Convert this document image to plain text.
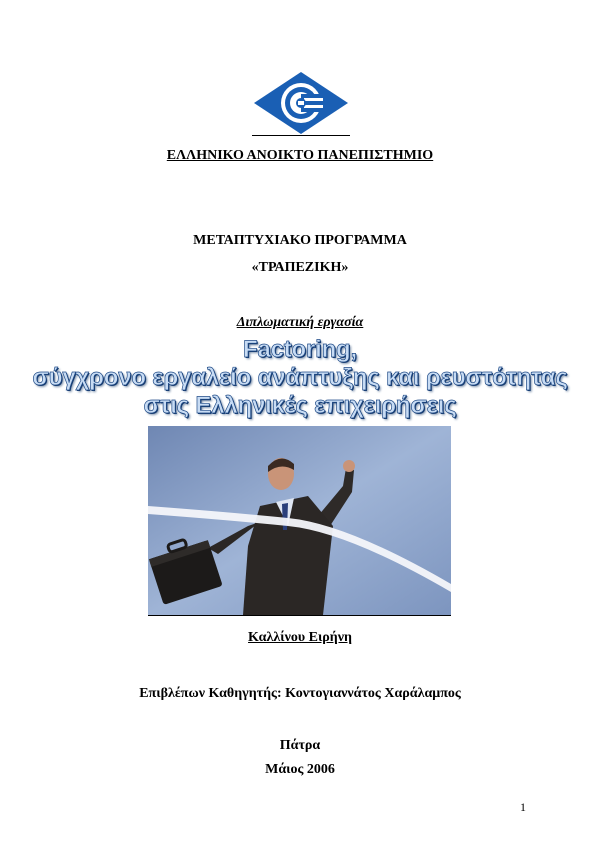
ΕΛΛΗΝΙΚΟ ΑΝΟΙΚΤΟ ΠΑΝΕΠΙΣΤΗΜΙΟ
ΜΕΤΑΠΤΥΧΙΑΚΟ ΠΡΟΓΡΑΜΜΑ
«ΤΡΑΠΕΖΙΚΗ»
Διπλωματική εργασία
Factoring,
σύγχρονο εργαλείο ανάπτυξης και ρευστότητας
στις Ελληνικές επιχειρήσεις
Καλλίνου Ειρήνη
Επιβλέπων Καθηγητής: Κοντογιαννάτος Χαράλαμπος
Πάτρα
Μάιος 2006
1
